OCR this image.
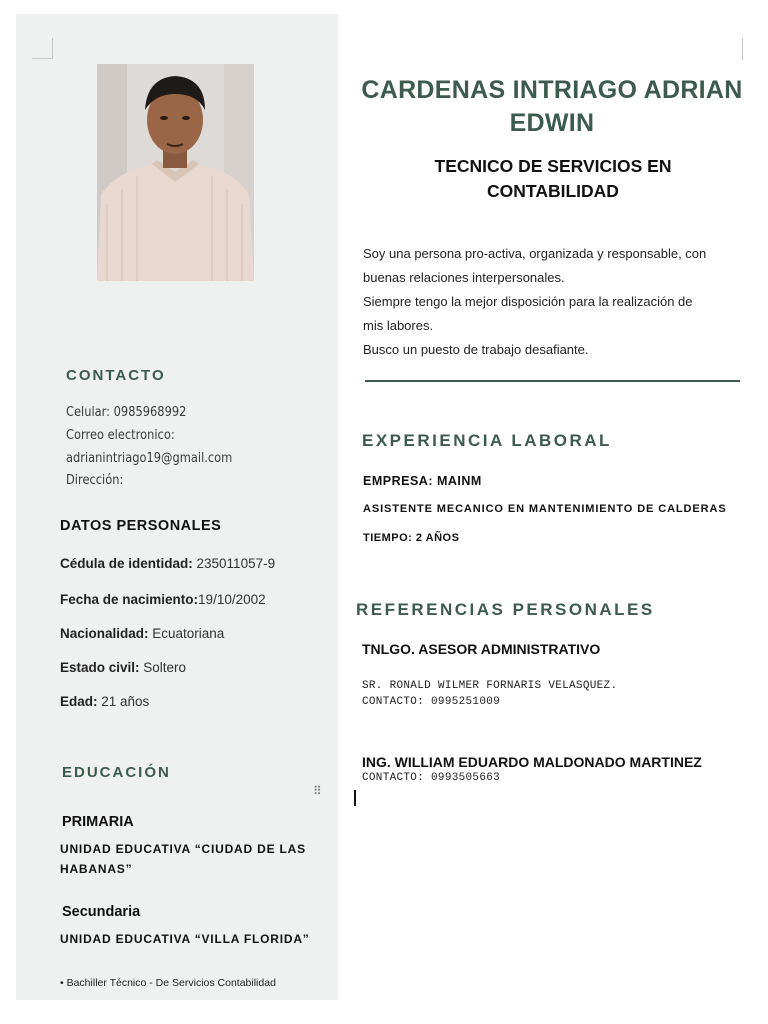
CONTACTO
Celular: 0985968992
Correo electronico:
adrianintriago19@gmail.com
Dirección:
DATOS PERSONALES
Cédula de identidad: 235011057-9
Fecha de nacimiento:19/10/2002
Nacionalidad: Ecuatoriana
Estado civil: Soltero
Edad: 21 años
EDUCACIÓN
⠿
PRIMARIA
UNIDAD EDUCATIVA “CIUDAD DE LAS HABANAS”
Secundaria
UNIDAD EDUCATIVA “VILLA FLORIDA”
• Bachiller Técnico - De Servicios Contabilidad
CARDENAS INTRIAGO ADRIAN EDWIN
TECNICO DE SERVICIOS EN CONTABILIDAD
Soy una persona pro-activa, organizada y responsable, con
buenas relaciones interpersonales.
Siempre tengo la mejor disposición para la realización de
mis labores.
Busco un puesto de trabajo desafiante.
EXPERIENCIA LABORAL
EMPRESA: MAINM
ASISTENTE MECANICO EN MANTENIMIENTO DE CALDERAS
TIEMPO: 2 AÑOS
REFERENCIAS PERSONALES
TNLGO. ASESOR ADMINISTRATIVO
SR. RONALD WILMER FORNARIS VELASQUEZ.
CONTACTO: 0995251009
ING. WILLIAM EDUARDO MALDONADO MARTINEZ
CONTACTO: 0993505663
